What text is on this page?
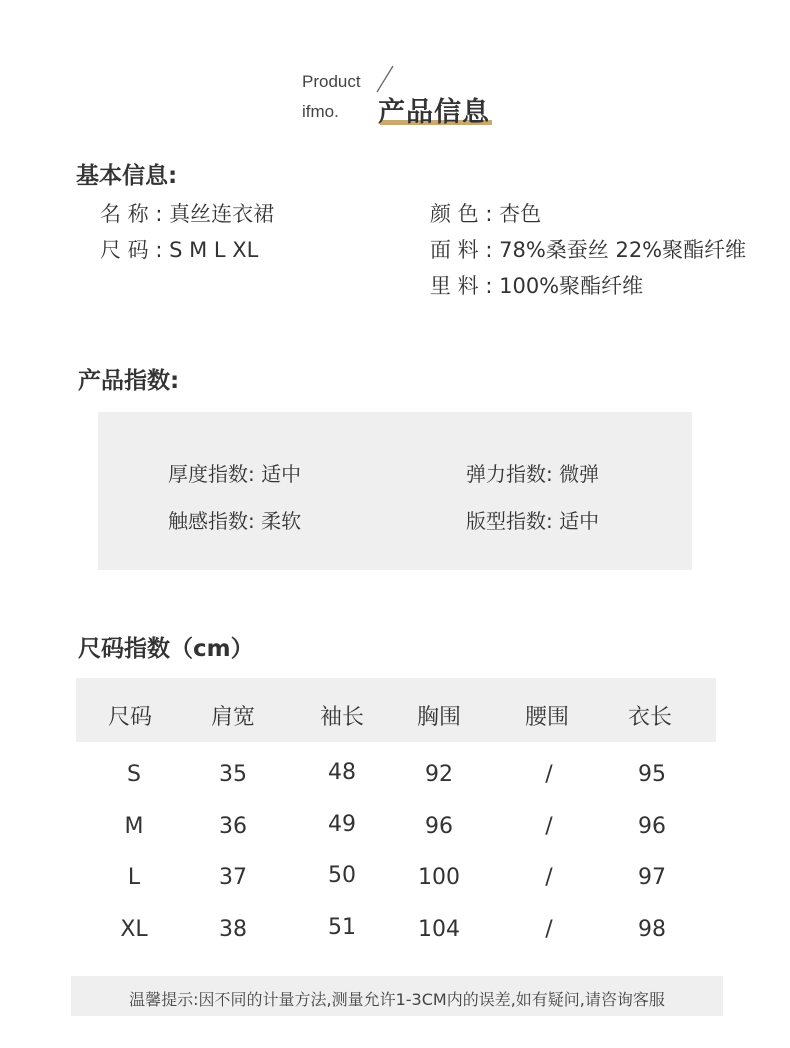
Product
ifmo. 产品信息
基本信息:
名 称 : 真丝连衣裙
尺 码 : S M L XL
颜 色 : 杏色
面 料 : 78%桑蚕丝 22%聚酯纤维
里 料 : 100%聚酯纤维
产品指数:
厚度指数: 适中	弹力指数: 微弹
触感指数: 柔软	版型指数: 适中
尺码指数（cm）
尺码	肩宽	袖长	胸围	腰围	衣长
S	35	48	92	/	95
M	36	49	96	/	96
L	37	50	100	/	97
XL	38	51	104	/	98
温馨提示:因不同的计量方法,测量允许1-3CM内的误差,如有疑问,请咨询客服
